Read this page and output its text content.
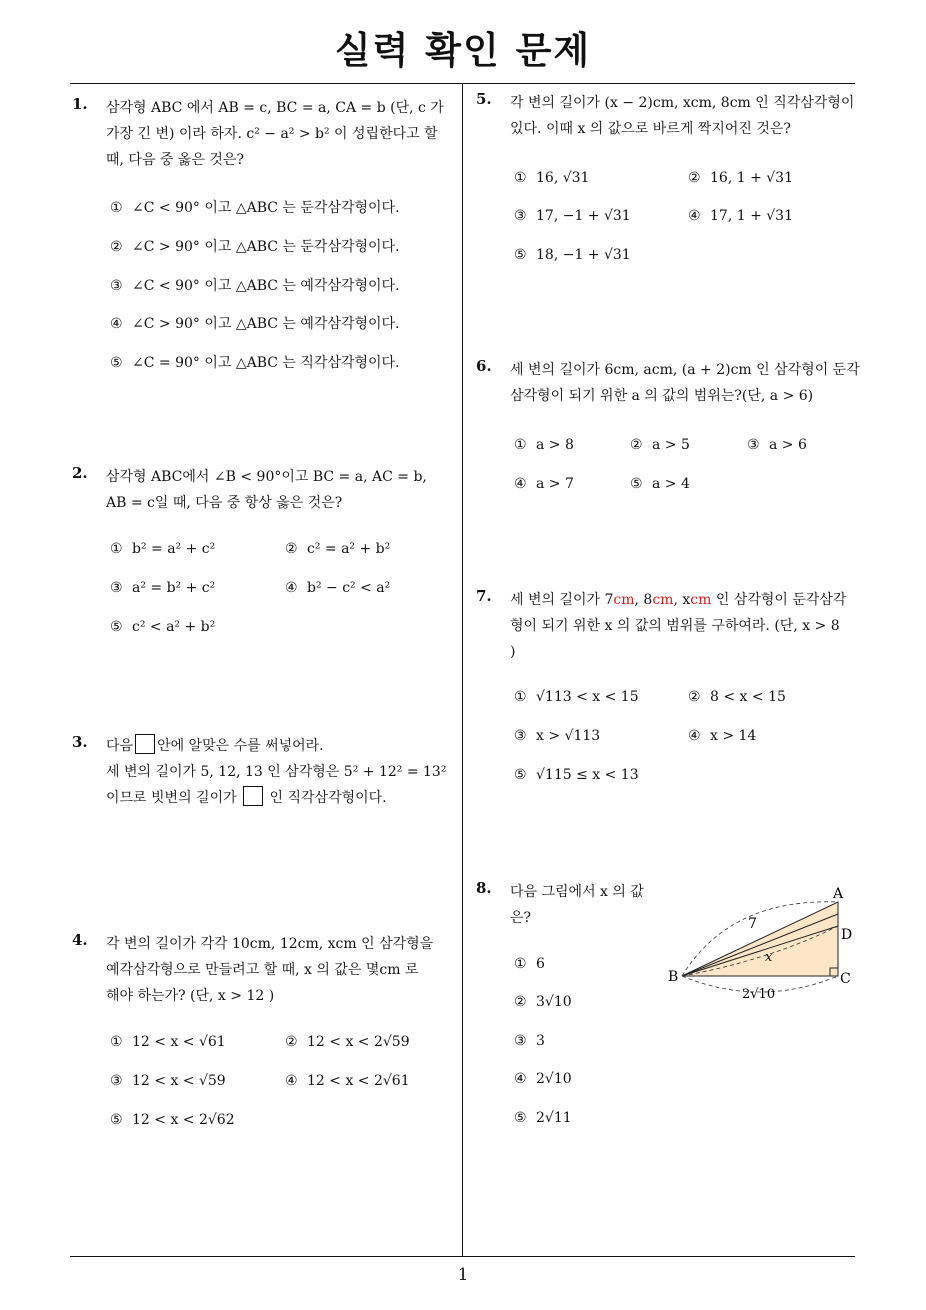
실력 확인 문제
1. 삼각형 ABC 에서 AB = c, BC = a, CA = b (단, c 가
가장 긴 변) 이라 하자. c² − a² > b² 이 성립한다고 할
때, 다음 중 옳은 것은?
① ∠C < 90° 이고 △ABC 는 둔각삼각형이다.
② ∠C > 90° 이고 △ABC 는 둔각삼각형이다.
③ ∠C < 90° 이고 △ABC 는 예각삼각형이다.
④ ∠C > 90° 이고 △ABC 는 예각삼각형이다.
⑤ ∠C = 90° 이고 △ABC 는 직각삼각형이다.
2. 삼각형 ABC에서 ∠B < 90°이고 BC = a, AC = b,
AB = c일 때, 다음 중 항상 옳은 것은?
① b² = a² + c²	② c² = a² + b²
③ a² = b² + c²	④ b² − c² < a²
⑤ c² < a² + b²
3. 다음 안에 알맞은 수를 써넣어라.
세 변의 길이가 5, 12, 13 인 삼각형은 5² + 12² = 13²
이므로 빗변의 길이가 인 직각삼각형이다.
4. 각 변의 길이가 각각 10cm, 12cm, xcm 인 삼각형을
예각삼각형으로 만들려고 할 때, x 의 값은 몇cm 로
해야 하는가? (단, x > 12 )
① 12 < x < √61	② 12 < x < 2√59
③ 12 < x < √59	④ 12 < x < 2√61
⑤ 12 < x < 2√62
5. 각 변의 길이가 (x − 2)cm, xcm, 8cm 인 직각삼각형이
있다. 이때 x 의 값으로 바르게 짝지어진 것은?
① 16, √31	② 16, 1 + √31
③ 17, −1 + √31	④ 17, 1 + √31
⑤ 18, −1 + √31
6. 세 변의 길이가 6cm, acm, (a + 2)cm 인 삼각형이 둔각
삼각형이 되기 위한 a 의 값의 범위는?(단, a > 6)
① a > 8	② a > 5	③ a > 6
④ a > 7	⑤ a > 4
7. 세 변의 길이가 7cm, 8cm, xcm 인 삼각형이 둔각삼각
형이 되기 위한 x 의 값의 범위를 구하여라. (단, x > 8
)
① √113 < x < 15	② 8 < x < 15
③ x > √113	④ x > 14
⑤ √115 ≤ x < 13
8. 다음 그림에서 x 의 값
은?
① 6
② 3√10
③ 3
④ 2√10
⑤ 2√11
A
B	C
D
7
x
2√10
1
